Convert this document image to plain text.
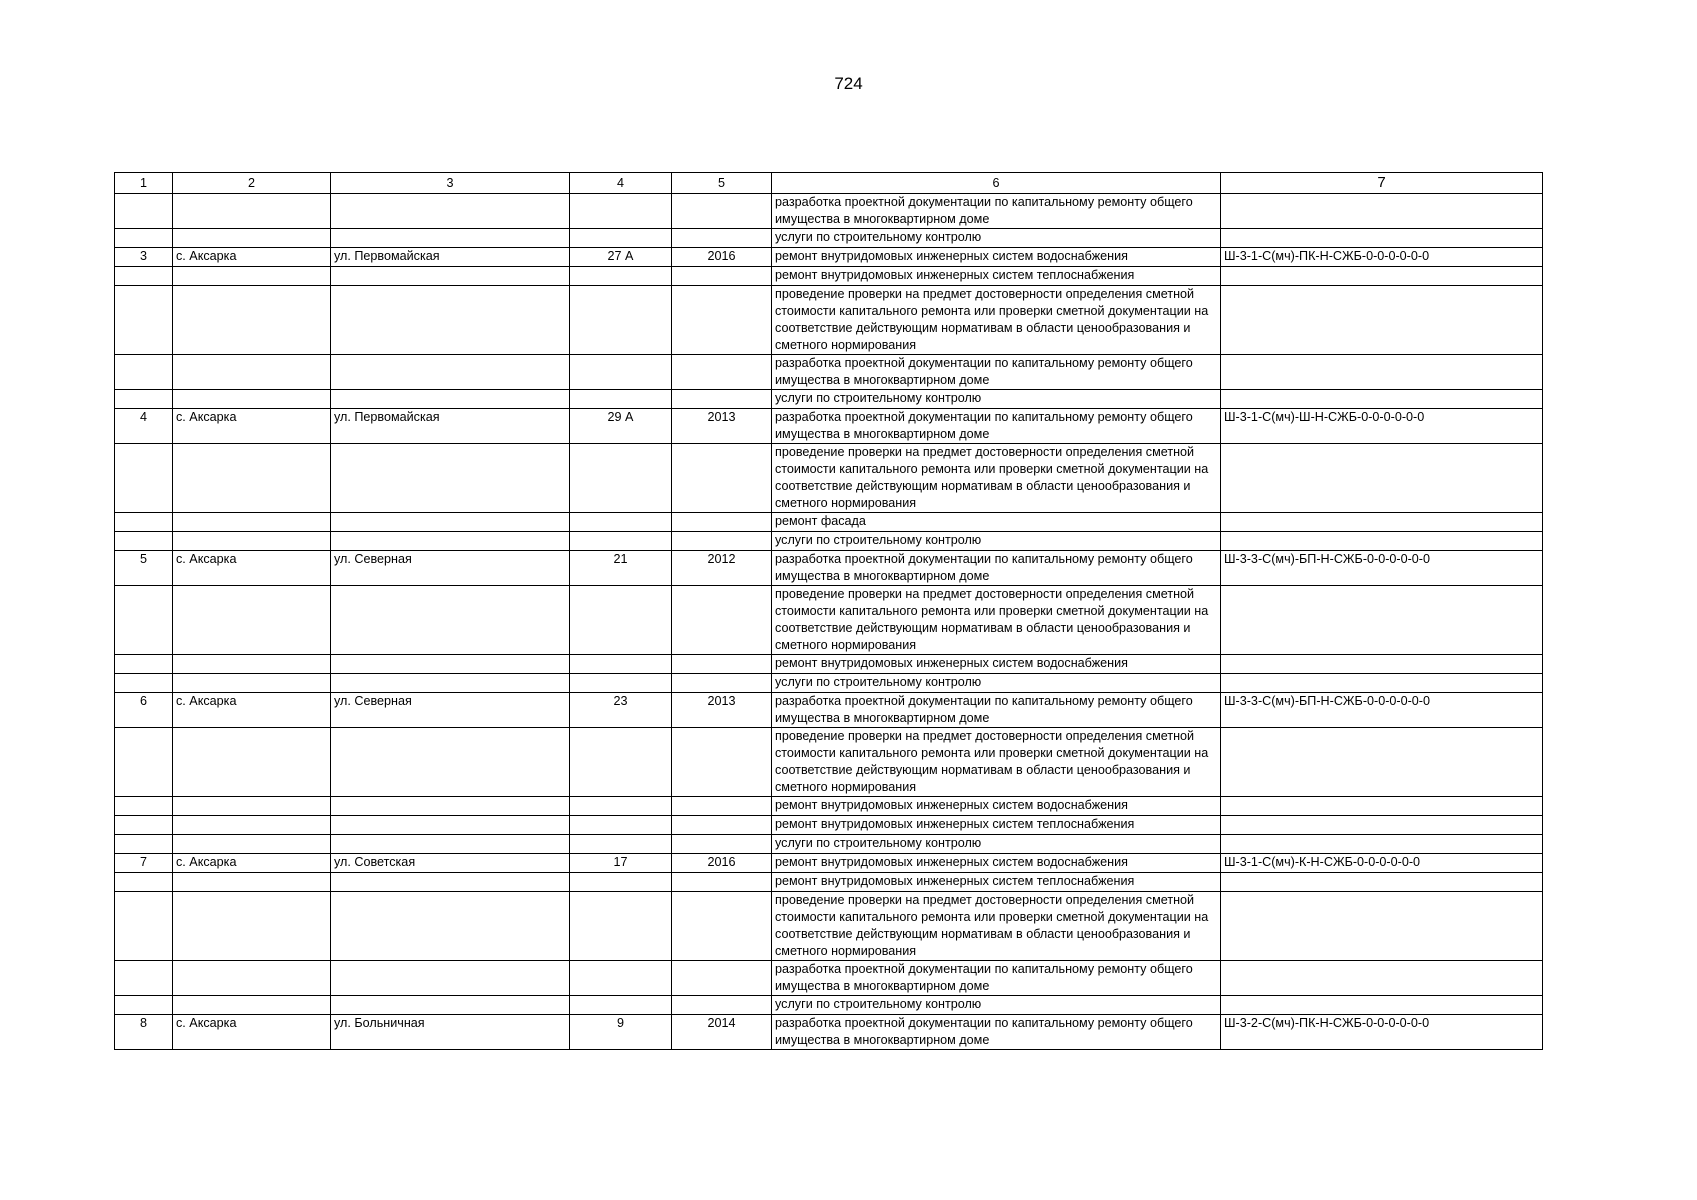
724
1	2	3	4	5	6	7
					разработка проектной документации по капитальному ремонту общего имущества в многоквартирном доме	
					услуги по строительному контролю	
3	с. Аксарка	ул. Первомайская	27 А	2016	ремонт внутридомовых инженерных систем водоснабжения	Ш-3-1-С(мч)-ПК-Н-СЖБ-0-0-0-0-0-0
					ремонт внутридомовых инженерных систем теплоснабжения	
					проведение проверки на предмет достоверности определения сметной стоимости капитального ремонта или проверки сметной документации на соответствие действующим нормативам в области ценообразования и сметного нормирования	
					разработка проектной документации по капитальному ремонту общего имущества в многоквартирном доме	
					услуги по строительному контролю	
4	с. Аксарка	ул. Первомайская	29 А	2013	разработка проектной документации по капитальному ремонту общего имущества в многоквартирном доме	Ш-3-1-С(мч)-Ш-Н-СЖБ-0-0-0-0-0-0
					проведение проверки на предмет достоверности определения сметной стоимости капитального ремонта или проверки сметной документации на соответствие действующим нормативам в области ценообразования и сметного нормирования	
					ремонт фасада	
					услуги по строительному контролю	
5	с. Аксарка	ул. Северная	21	2012	разработка проектной документации по капитальному ремонту общего имущества в многоквартирном доме	Ш-3-3-С(мч)-БП-Н-СЖБ-0-0-0-0-0-0
					проведение проверки на предмет достоверности определения сметной стоимости капитального ремонта или проверки сметной документации на соответствие действующим нормативам в области ценообразования и сметного нормирования	
					ремонт внутридомовых инженерных систем водоснабжения	
					услуги по строительному контролю	
6	с. Аксарка	ул. Северная	23	2013	разработка проектной документации по капитальному ремонту общего имущества в многоквартирном доме	Ш-3-3-С(мч)-БП-Н-СЖБ-0-0-0-0-0-0
					проведение проверки на предмет достоверности определения сметной стоимости капитального ремонта или проверки сметной документации на соответствие действующим нормативам в области ценообразования и сметного нормирования	
					ремонт внутридомовых инженерных систем водоснабжения	
					ремонт внутридомовых инженерных систем теплоснабжения	
					услуги по строительному контролю	
7	с. Аксарка	ул. Советская	17	2016	ремонт внутридомовых инженерных систем водоснабжения	Ш-3-1-С(мч)-К-Н-СЖБ-0-0-0-0-0-0
					ремонт внутридомовых инженерных систем теплоснабжения	
					проведение проверки на предмет достоверности определения сметной стоимости капитального ремонта или проверки сметной документации на соответствие действующим нормативам в области ценообразования и сметного нормирования	
					разработка проектной документации по капитальному ремонту общего имущества в многоквартирном доме	
					услуги по строительному контролю	
8	с. Аксарка	ул. Больничная	9	2014	разработка проектной документации по капитальному ремонту общего имущества в многоквартирном доме	Ш-3-2-С(мч)-ПК-Н-СЖБ-0-0-0-0-0-0
